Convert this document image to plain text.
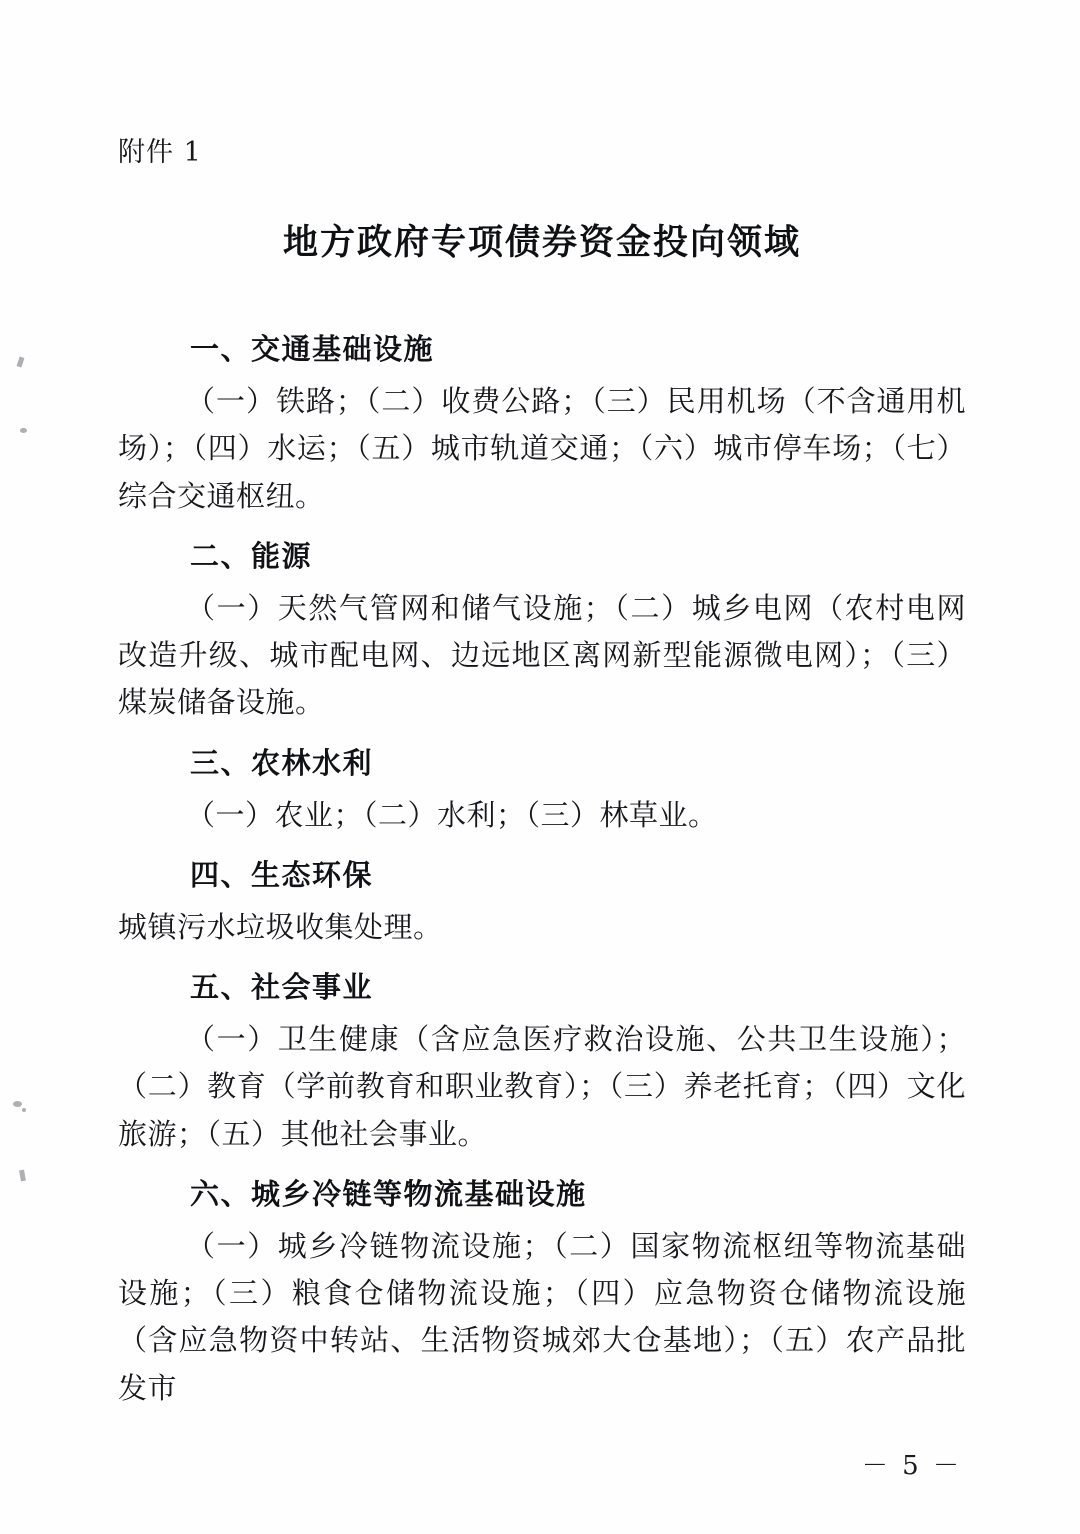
附件 1

地方政府专项债券资金投向领域
一、交通基础设施

（一）铁路；（二）收费公路；（三）民用机场（不含通用机场）；（四）水运；（五）城市轨道交通；（六）城市停车场；（七）综合交通枢纽。

二、能源

（一）天然气管网和储气设施；（二）城乡电网（农村电网改造升级、城市配电网、边远地区离网新型能源微电网）；（三）煤炭储备设施。

三、农林水利

（一）农业；（二）水利；（三）林草业。

四、生态环保

城镇污水垃圾收集处理。

五、社会事业

（一）卫生健康（含应急医疗救治设施、公共卫生设施）；（二）教育（学前教育和职业教育）；（三）养老托育；（四）文化旅游；（五）其他社会事业。

六、城乡冷链等物流基础设施

（一）城乡冷链物流设施；（二）国家物流枢纽等物流基础设施；（三）粮食仓储物流设施；（四）应急物资仓储物流设施（含应急物资中转站、生活物资城郊大仓基地）；（五）农产品批发市

－ 5 －
